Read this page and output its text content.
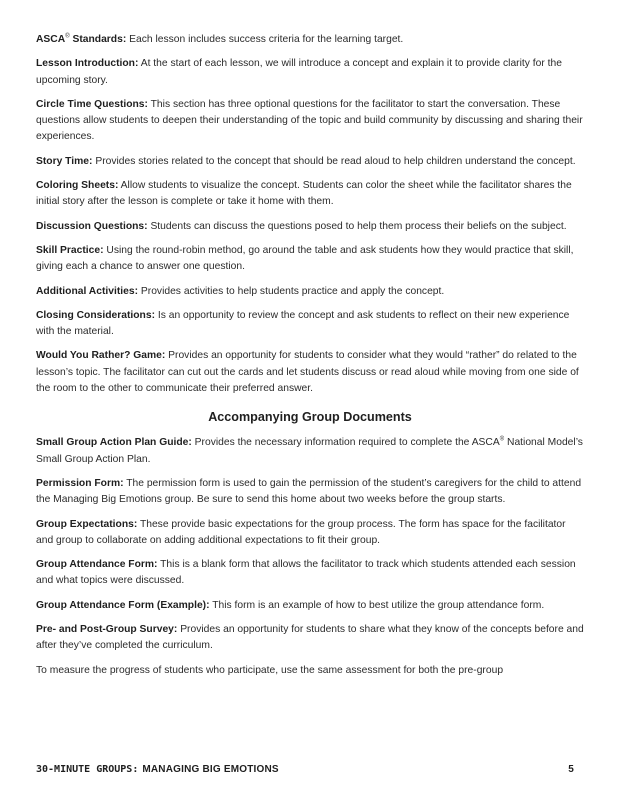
ASCA® Standards: Each lesson includes success criteria for the learning target.

Lesson Introduction: At the start of each lesson, we will introduce a concept and explain it to provide clarity for the upcoming story.

Circle Time Questions: This section has three optional questions for the facilitator to start the conversation. These questions allow students to deepen their understanding of the topic and build community by discussing and sharing their experiences.

Story Time: Provides stories related to the concept that should be read aloud to help children understand the concept.

Coloring Sheets: Allow students to visualize the concept. Students can color the sheet while the facilitator shares the initial story after the lesson is complete or take it home with them.

Discussion Questions: Students can discuss the questions posed to help them process their beliefs on the subject.

Skill Practice: Using the round-robin method, go around the table and ask students how they would practice that skill, giving each a chance to answer one question.

Additional Activities: Provides activities to help students practice and apply the concept.

Closing Considerations: Is an opportunity to review the concept and ask students to reflect on their new experience with the material.

Would You Rather? Game: Provides an opportunity for students to consider what they would “rather” do related to the lesson’s topic. The facilitator can cut out the cards and let students discuss or read aloud while moving from one side of the room to the other to communicate their preferred answer.

Accompanying Group Documents

Small Group Action Plan Guide: Provides the necessary information required to complete the ASCA® National Model’s Small Group Action Plan.

Permission Form: The permission form is used to gain the permission of the student’s caregivers for the child to attend the Managing Big Emotions group. Be sure to send this home about two weeks before the group starts.

Group Expectations: These provide basic expectations for the group process. The form has space for the facilitator and group to collaborate on adding additional expectations to fit their group.

Group Attendance Form: This is a blank form that allows the facilitator to track which students attended each session and what topics were discussed.

Group Attendance Form (Example): This form is an example of how to best utilize the group attendance form.

Pre- and Post-Group Survey: Provides an opportunity for students to share what they know of the concepts before and after they’ve completed the curriculum.

To measure the progress of students who participate, use the same assessment for both the pre-group

30-MINUTE GROUPS: MANAGING BIG EMOTIONS	5
